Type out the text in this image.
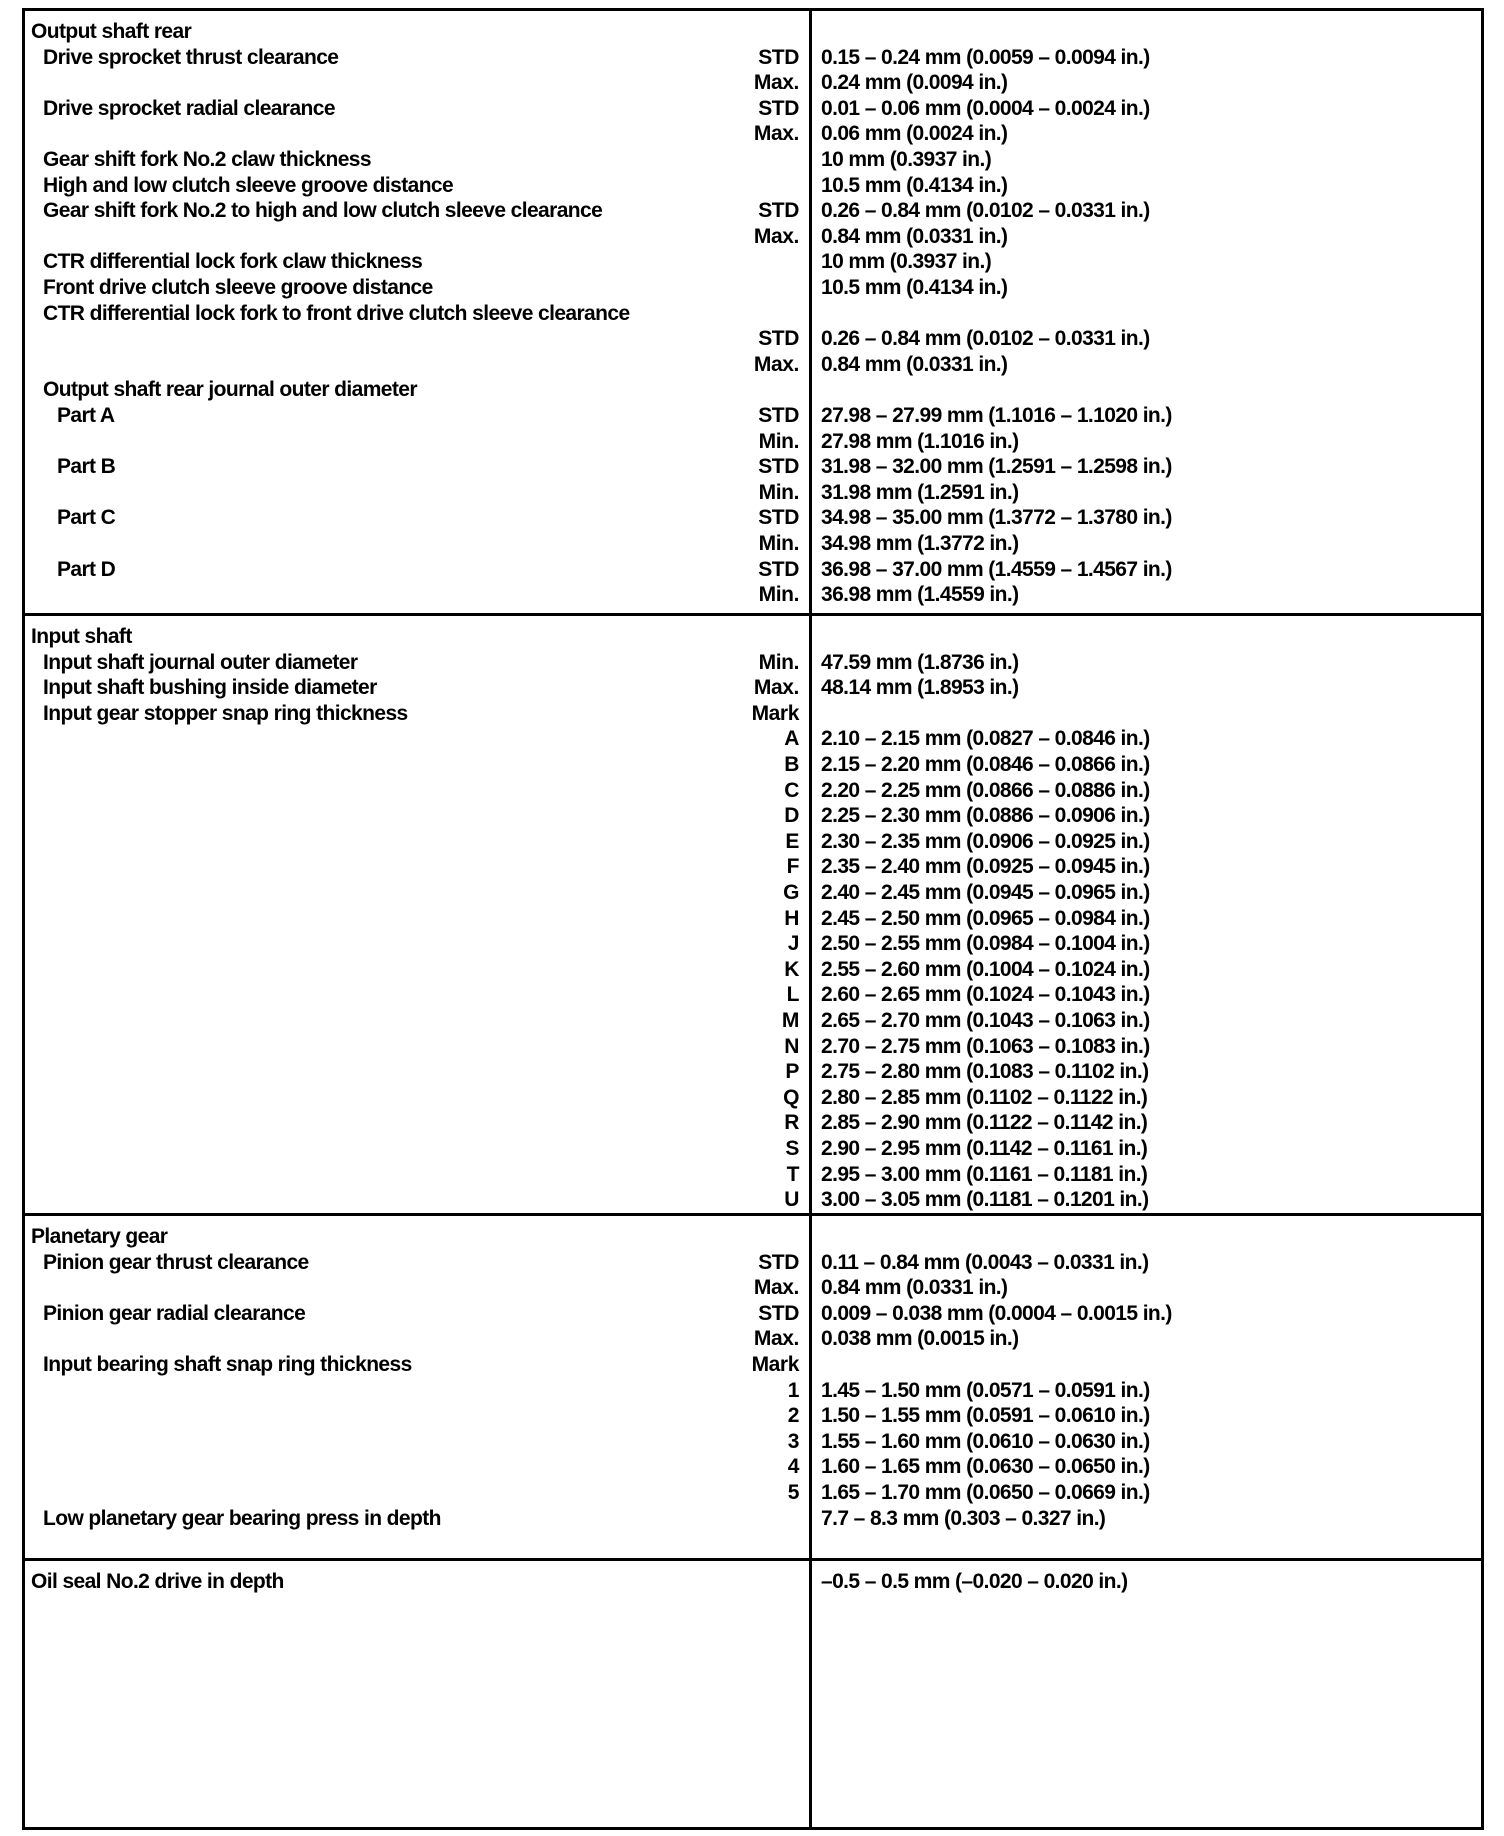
Output shaft rear
Drive sprocket thrust clearance	STD 0.15 – 0.24 mm (0.0059 – 0.0094 in.)
Max. 0.24 mm (0.0094 in.)
Drive sprocket radial clearance	STD 0.01 – 0.06 mm (0.0004 – 0.0024 in.)
Max. 0.06 mm (0.0024 in.)
Gear shift fork No.2 claw thickness	10 mm (0.3937 in.)
High and low clutch sleeve groove distance	10.5 mm (0.4134 in.)
Gear shift fork No.2 to high and low clutch sleeve clearance	STD 0.26 – 0.84 mm (0.0102 – 0.0331 in.)
Max. 0.84 mm (0.0331 in.)
CTR differential lock fork claw thickness	10 mm (0.3937 in.)
Front drive clutch sleeve groove distance	10.5 mm (0.4134 in.)
CTR differential lock fork to front drive clutch sleeve clearance
STD 0.26 – 0.84 mm (0.0102 – 0.0331 in.)
Max. 0.84 mm (0.0331 in.)
Output shaft rear journal outer diameter
Part A	STD 27.98 – 27.99 mm (1.1016 – 1.1020 in.)
Min. 27.98 mm (1.1016 in.)
Part B	STD 31.98 – 32.00 mm (1.2591 – 1.2598 in.)
Min. 31.98 mm (1.2591 in.)
Part C	STD 34.98 – 35.00 mm (1.3772 – 1.3780 in.)
Min. 34.98 mm (1.3772 in.)
Part D	STD 36.98 – 37.00 mm (1.4559 – 1.4567 in.)
Min. 36.98 mm (1.4559 in.)
Input shaft
Input shaft journal outer diameter	Min. 47.59 mm (1.8736 in.)
Input shaft bushing inside diameter	Max. 48.14 mm (1.8953 in.)
Input gear stopper snap ring thickness	Mark
A 2.10 – 2.15 mm (0.0827 – 0.0846 in.)
B 2.15 – 2.20 mm (0.0846 – 0.0866 in.)
C 2.20 – 2.25 mm (0.0866 – 0.0886 in.)
D 2.25 – 2.30 mm (0.0886 – 0.0906 in.)
E 2.30 – 2.35 mm (0.0906 – 0.0925 in.)
F 2.35 – 2.40 mm (0.0925 – 0.0945 in.)
G 2.40 – 2.45 mm (0.0945 – 0.0965 in.)
H 2.45 – 2.50 mm (0.0965 – 0.0984 in.)
J 2.50 – 2.55 mm (0.0984 – 0.1004 in.)
K 2.55 – 2.60 mm (0.1004 – 0.1024 in.)
L 2.60 – 2.65 mm (0.1024 – 0.1043 in.)
M 2.65 – 2.70 mm (0.1043 – 0.1063 in.)
N 2.70 – 2.75 mm (0.1063 – 0.1083 in.)
P 2.75 – 2.80 mm (0.1083 – 0.1102 in.)
Q 2.80 – 2.85 mm (0.1102 – 0.1122 in.)
R 2.85 – 2.90 mm (0.1122 – 0.1142 in.)
S 2.90 – 2.95 mm (0.1142 – 0.1161 in.)
T 2.95 – 3.00 mm (0.1161 – 0.1181 in.)
U 3.00 – 3.05 mm (0.1181 – 0.1201 in.)
Planetary gear
Pinion gear thrust clearance	STD 0.11 – 0.84 mm (0.0043 – 0.0331 in.)
Max. 0.84 mm (0.0331 in.)
Pinion gear radial clearance	STD 0.009 – 0.038 mm (0.0004 – 0.0015 in.)
Max. 0.038 mm (0.0015 in.)
Input bearing shaft snap ring thickness	Mark
1 1.45 – 1.50 mm (0.0571 – 0.0591 in.)
2 1.50 – 1.55 mm (0.0591 – 0.0610 in.)
3 1.55 – 1.60 mm (0.0610 – 0.0630 in.)
4 1.60 – 1.65 mm (0.0630 – 0.0650 in.)
5 1.65 – 1.70 mm (0.0650 – 0.0669 in.)
Low planetary gear bearing press in depth	7.7 – 8.3 mm (0.303 – 0.327 in.)
Oil seal No.2 drive in depth	–0.5 – 0.5 mm (–0.020 – 0.020 in.)
